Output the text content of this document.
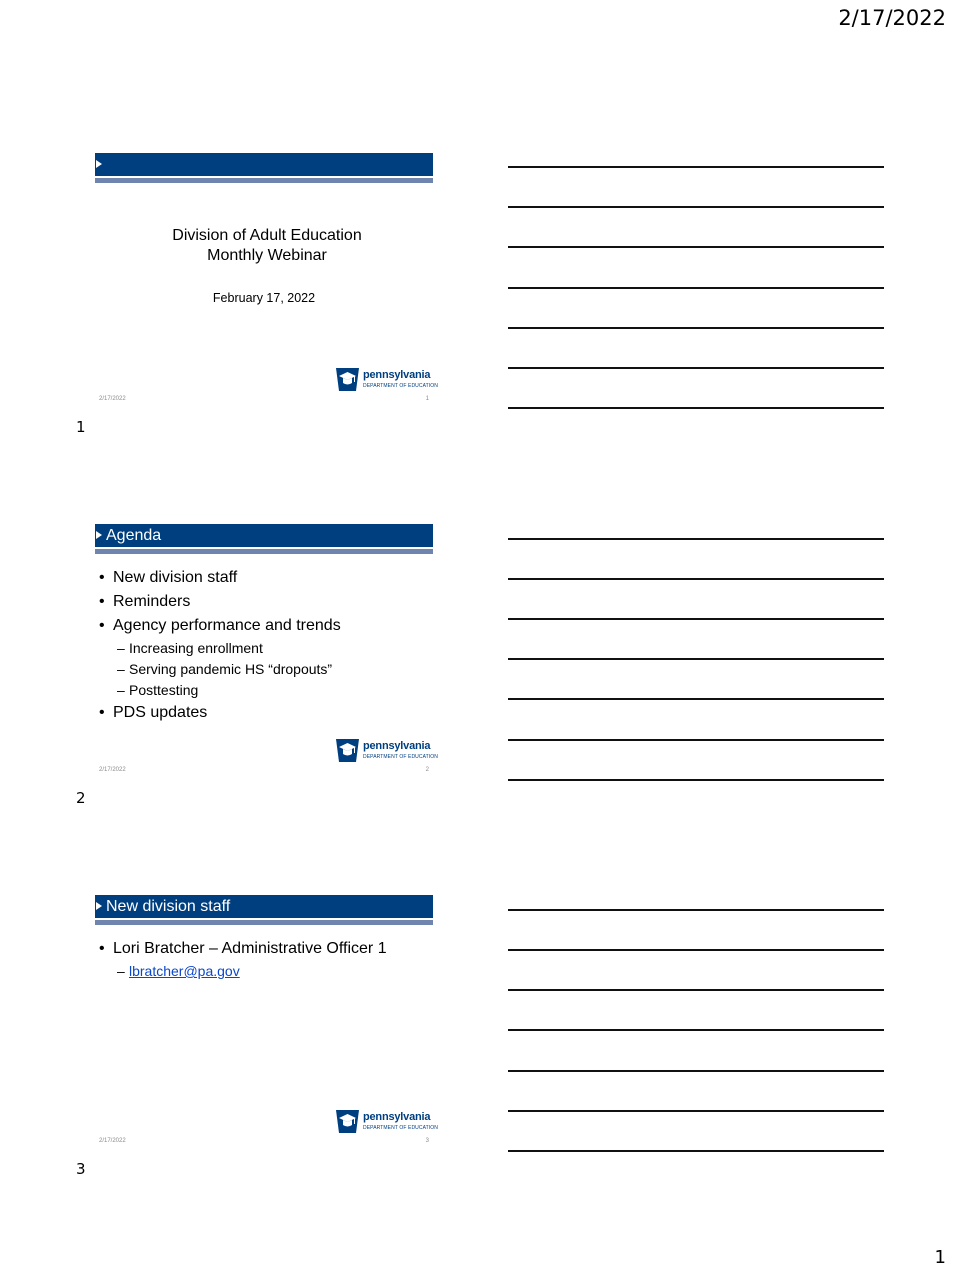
2/17/2022
Division of Adult Education
Monthly Webinar
February 17, 2022
pennsylvania
DEPARTMENT OF EDUCATION
2/17/2022	1
1
Agenda
• New division staff
• Reminders
• Agency performance and trends
– Increasing enrollment
– Serving pandemic HS “dropouts”
– Posttesting
• PDS updates
pennsylvania
DEPARTMENT OF EDUCATION
2/17/2022	2
2
New division staff
• Lori Bratcher – Administrative Officer 1
– lbratcher@pa.gov
pennsylvania
DEPARTMENT OF EDUCATION
2/17/2022	3
3
1
